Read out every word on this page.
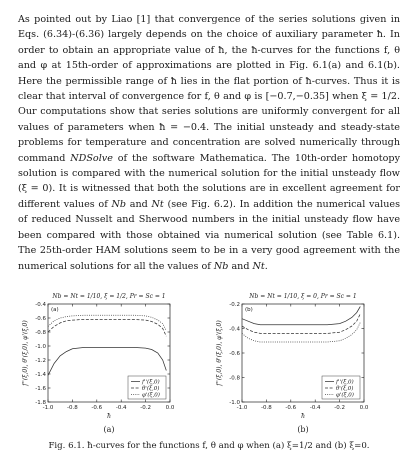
As pointed out by Liao [1] that convergence of the series solutions given in Eqs. (6.34)-(6.36) largely depends on the choice of auxiliary parameter ħ. In order to obtain an appropriate value of ħ, the ħ-curves for the functions f, θ and φ at 15th-order of approximations are plotted in Fig. 6.1(a) and 6.1(b). Here the permissible range of ħ lies in the flat portion of ħ-curves. Thus it is clear that interval of convergence for f, θ and φ is [−0.7,−0.35] when ξ = 1/2. Our computations show that series solutions are uniformly convergent for all values of parameters when ħ = −0.4. The initial unsteady and steady-state problems for temperature and concentration are solved numerically through command NDSolve of the software Mathematica. The 10th-order homotopy solution is compared with the numerical solution for the initial unsteady flow (ξ = 0). It is witnessed that both the solutions are in excellent agreement for different values of Nb and Nt (see Fig. 6.2). In addition the numerical values of reduced Nusselt and Sherwood numbers in the initial unsteady flow have been compared with those obtained via numerical solution (see Table 6.1). The 25th-order HAM solutions seem to be in a very good agreement with the numerical solutions for all the values of Nb and Nt.
Nb = Nt = 1/10, ξ = 1/2, Pr = Sc = 1
(a)
-1.0 -0.8 -0.6 -0.4 -0.2	0.0
-0.4
-0.6
-0.8
-1.0
-1.2
-1.4
-1.6
-1.8
ħ
f''(ξ,0), θ'(ξ,0), φ'(ξ,0)	f''(ξ,0)
θ'(ξ,0)
φ'(ξ,0)
(a)
Nb = Nt = 1/10, ξ = 0, Pr = Sc = 1
(b)
-1.0 -0.8 -0.6 -0.4 -0.2	0.0
-0.2
-0.4
-0.6
-0.8
-1.0
ħ
f''(ξ,0), θ'(ξ,0), φ'(ξ,0)	f''(ξ,0)
θ'(ξ,0)
φ'(ξ,0)
(b)
Fig. 6.1. ħ-curves for the functions f, θ and φ when (a) ξ=1/2 and (b) ξ=0.
